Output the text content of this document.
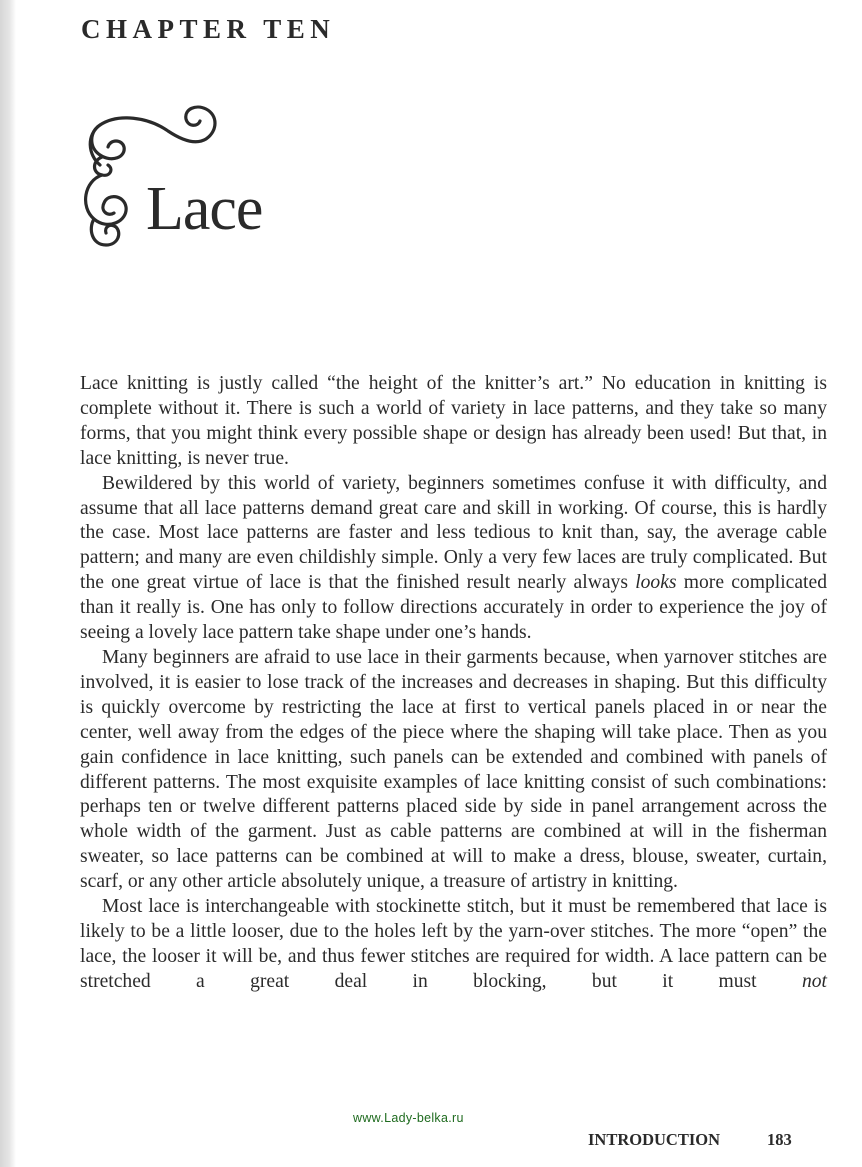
CHAPTER TEN
Lace

Lace knitting is justly called “the height of the knitter’s art.” No education in knitting is complete without it. There is such a world of variety in lace patterns, and they take so many forms, that you might think every possible shape or design has already been used! But that, in lace knitting, is never true.

Bewildered by this world of variety, beginners sometimes confuse it with difficulty, and assume that all lace patterns demand great care and skill in working. Of course, this is hardly the case. Most lace patterns are faster and less tedious to knit than, say, the average cable pattern; and many are even childishly simple. Only a very few laces are truly complicated. But the one great virtue of lace is that the finished result nearly always looks more complicated than it really is. One has only to follow directions accurately in order to experience the joy of seeing a lovely lace pattern take shape under one’s hands.

Many beginners are afraid to use lace in their garments because, when yarnover stitches are involved, it is easier to lose track of the increases and decreases in shaping. But this difficulty is quickly overcome by restricting the lace at first to vertical panels placed in or near the center, well away from the edges of the piece where the shaping will take place. Then as you gain confidence in lace knitting, such panels can be extended and combined with panels of different patterns. The most exquisite examples of lace knitting consist of such combinations: perhaps ten or twelve different patterns placed side by side in panel arrangement across the whole width of the garment. Just as cable patterns are combined at will in the fisherman sweater, so lace patterns can be combined at will to make a dress, blouse, sweater, curtain, scarf, or any other article absolutely unique, a treasure of artistry in knitting.

Most lace is interchangeable with stockinette stitch, but it must be remembered that lace is likely to be a little looser, due to the holes left by the yarn-over stitches. The more “open” the lace, the looser it will be, and thus fewer stitches are required for width. A lace pattern can be stretched a great deal in blocking, but it must not

www.Lady-belka.ru
INTRODUCTION	183
